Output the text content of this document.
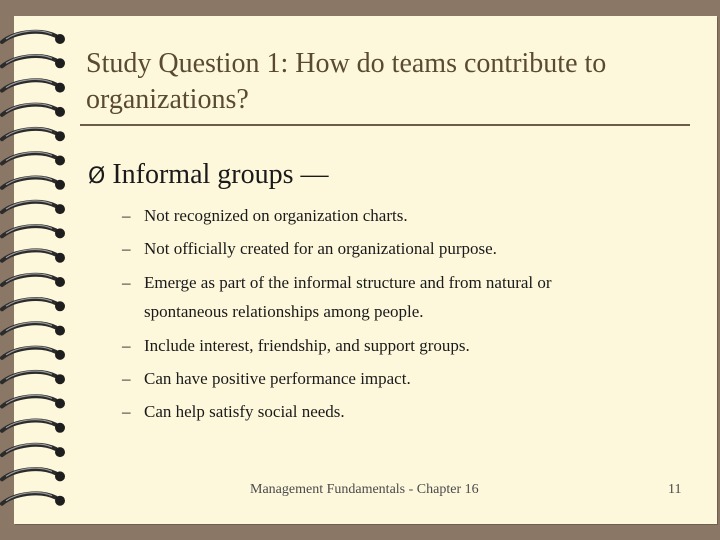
Study Question 1: How do teams contribute to organizations?
Ø Informal groups —
– Not recognized on organization charts.
– Not officially created for an organizational purpose.
– Emerge as part of the informal structure and from natural or spontaneous relationships among people.
– Include interest, friendship, and support groups.
– Can have positive performance impact.
– Can help satisfy social needs.
Management Fundamentals - Chapter 16	11
